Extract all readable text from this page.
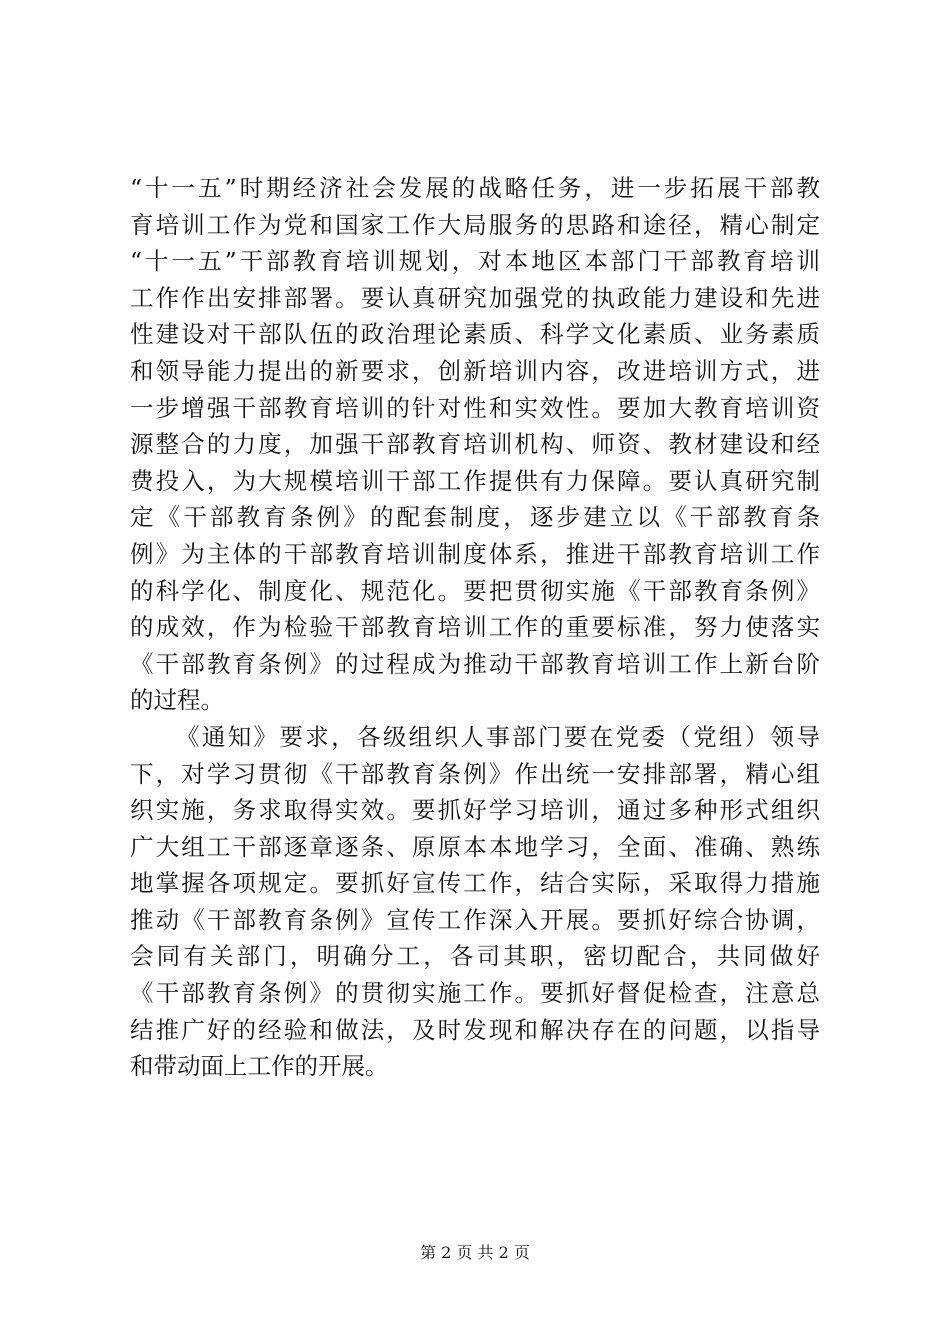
“十一五”时期经济社会发展的战略任务，进一步拓展干部教
育培训工作为党和国家工作大局服务的思路和途径，精心制定
“十一五”干部教育培训规划，对本地区本部门干部教育培训
工作作出安排部署。要认真研究加强党的执政能力建设和先进
性建设对干部队伍的政治理论素质、科学文化素质、业务素质
和领导能力提出的新要求，创新培训内容，改进培训方式，进
一步增强干部教育培训的针对性和实效性。要加大教育培训资
源整合的力度，加强干部教育培训机构、师资、教材建设和经
费投入，为大规模培训干部工作提供有力保障。要认真研究制
定《干部教育条例》的配套制度，逐步建立以《干部教育条
例》为主体的干部教育培训制度体系，推进干部教育培训工作
的科学化、制度化、规范化。要把贯彻实施《干部教育条例》
的成效，作为检验干部教育培训工作的重要标准，努力使落实
《干部教育条例》的过程成为推动干部教育培训工作上新台阶
的过程。
《通知》要求，各级组织人事部门要在党委（党组）领导
下，对学习贯彻《干部教育条例》作出统一安排部署，精心组
织实施，务求取得实效。要抓好学习培训，通过多种形式组织
广大组工干部逐章逐条、原原本本地学习，全面、准确、熟练
地掌握各项规定。要抓好宣传工作，结合实际，采取得力措施
推动《干部教育条例》宣传工作深入开展。要抓好综合协调，
会同有关部门，明确分工，各司其职，密切配合，共同做好
《干部教育条例》的贯彻实施工作。要抓好督促检查，注意总
结推广好的经验和做法，及时发现和解决存在的问题，以指导
和带动面上工作的开展。
第 2 页 共 2 页
